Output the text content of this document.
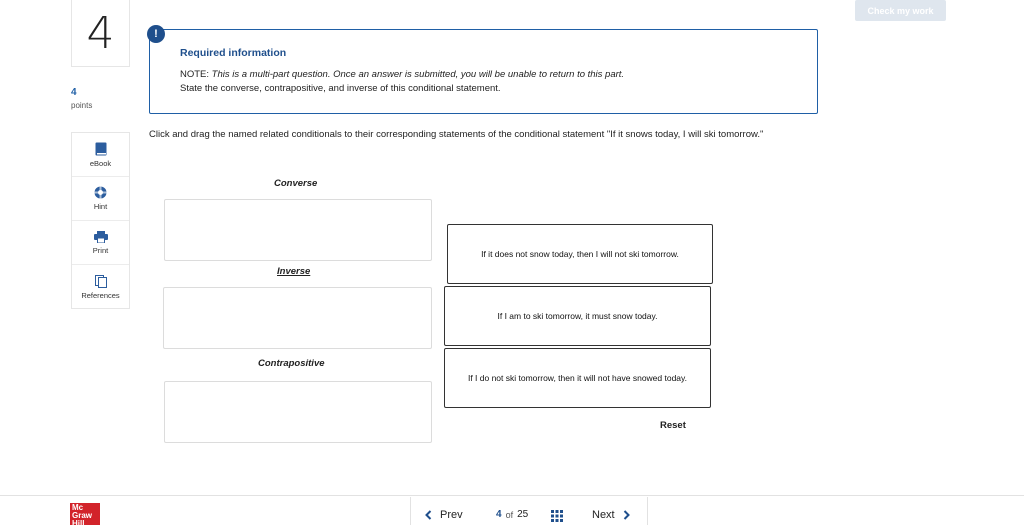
Check my work
4
4
points
eBook
Hint
Print
References
!
Required information
NOTE: This is a multi-part question. Once an answer is submitted, you will be unable to return to this part.
State the converse, contrapositive, and inverse of this conditional statement.
Click and drag the named related conditionals to their corresponding statements of the conditional statement "If it snows today, I will ski tomorrow."
Converse
Inverse
Contrapositive
If it does not snow today, then I will not ski tomorrow.
If I am to ski tomorrow, it must snow today.
If I do not ski tomorrow, then it will not have snowed today.
Reset
Mc Graw Hill
Prev	4 of 25	Next
